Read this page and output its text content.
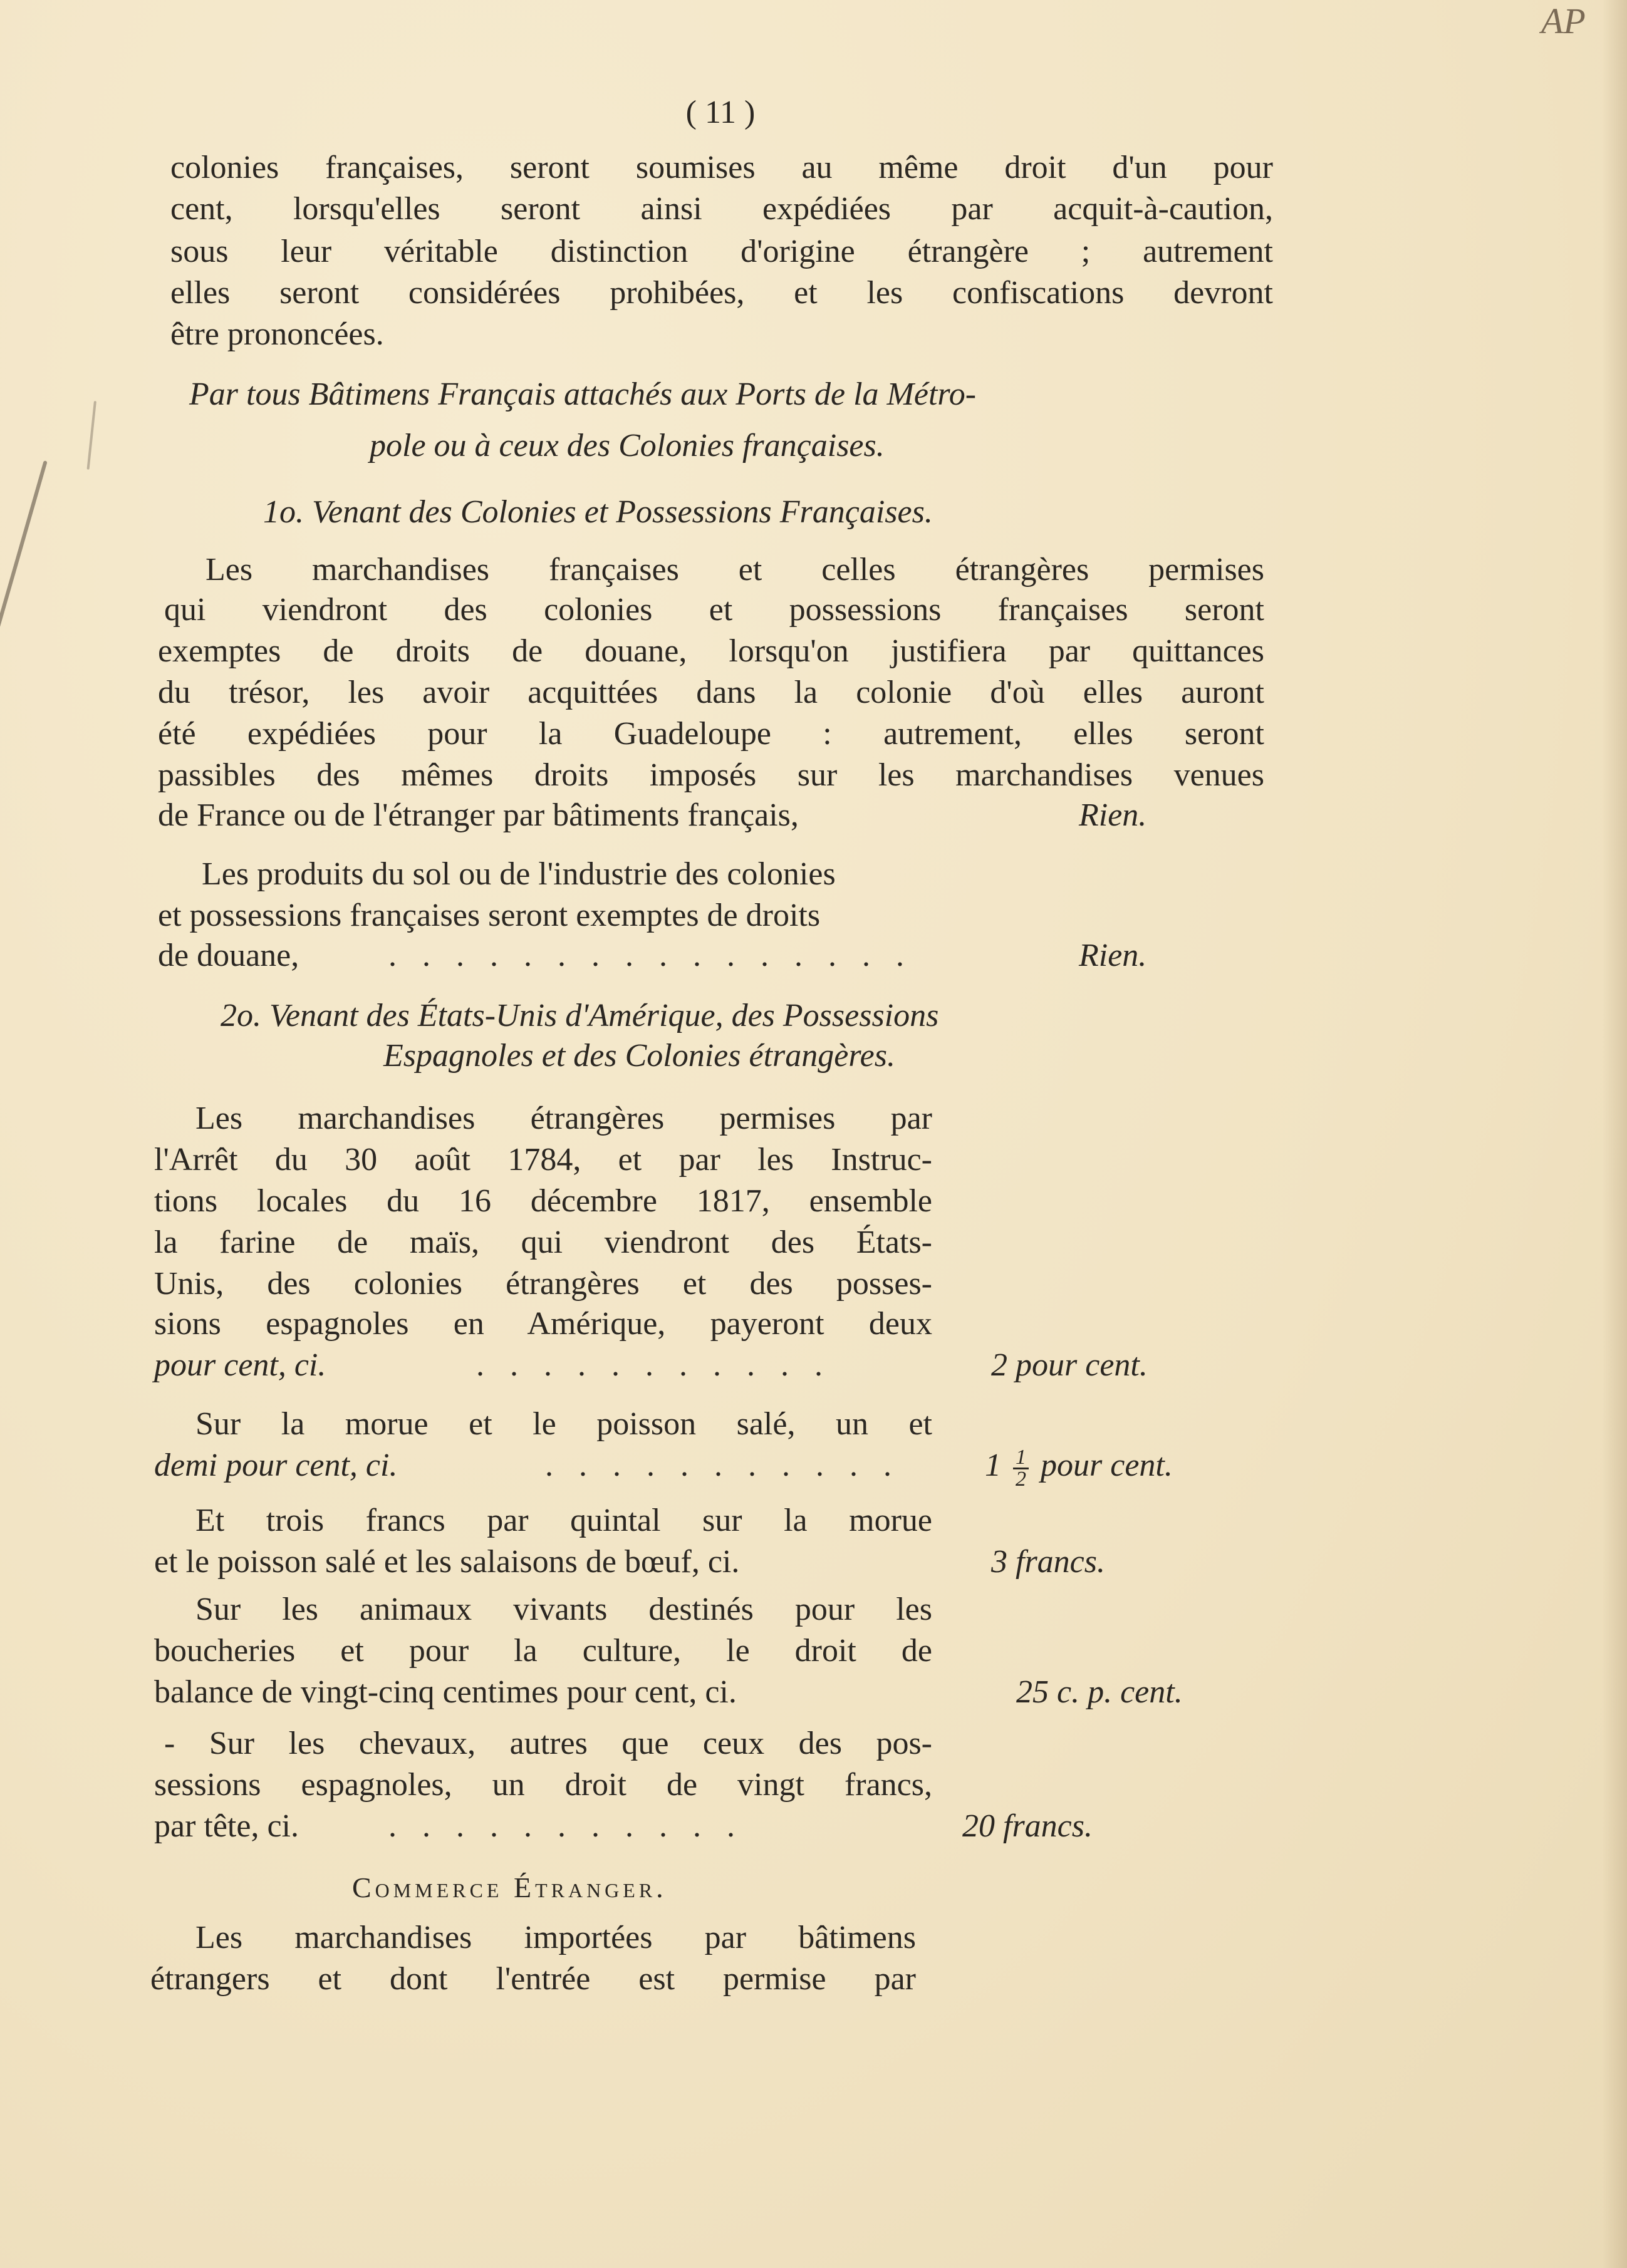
AP
( 11 )
colonies françaises, seront soumises au même droit d'un pour
cent, lorsqu'elles seront ainsi expédiées par acquit-à-caution,
sous leur véritable distinction d'origine étrangère ; autrement
elles seront considérées prohibées, et les confiscations devront
être prononcées.
Par tous Bâtimens Français attachés aux Ports de la Métro-
pole ou à ceux des Colonies françaises.
1o. Venant des Colonies et Possessions Françaises.
Les marchandises françaises et celles étrangères permises
qui viendront des colonies et possessions françaises seront
exemptes de droits de douane, lorsqu'on justifiera par quittances
du trésor, les avoir acquittées dans la colonie d'où elles auront
été expédiées pour la Guadeloupe : autrement, elles seront
passibles des mêmes droits imposés sur les marchandises venues
de France ou de l'étranger par bâtiments français,	Rien.
Les produits du sol ou de l'industrie des colonies
et possessions françaises seront exemptes de droits
de douane,	. . . . . . . . . . . . . . . .	Rien.
2o. Venant des États-Unis d'Amérique, des Possessions
Espagnoles et des Colonies étrangères.
Les marchandises étrangères permises par
l'Arrêt du 30 août 1784, et par les Instruc-
tions locales du 16 décembre 1817, ensemble
la farine de maïs, qui viendront des États-
Unis, des colonies étrangères et des posses-
sions espagnoles en Amérique, payeront deux
pour cent, ci.	. . . . . . . . . . .	2 pour cent.
Sur la morue et le poisson salé, un et
demi pour cent, ci.	. . . . . . . . . . .	$1 \frac{1}{2}$ pour cent.
Et trois francs par quintal sur la morue
et le poisson salé et les salaisons de bœuf, ci.	3 francs.
Sur les animaux vivants destinés pour les
boucheries et pour la culture, le droit de
balance de vingt-cinq centimes pour cent, ci.	25 c. p. cent.
- Sur les chevaux, autres que ceux des pos-
sessions espagnoles, un droit de vingt francs,
par tête, ci.	. . . . . . . . . . .	20 francs.
Commerce Étranger.
Les marchandises importées par bâtimens
étrangers et dont l'entrée est permise par
